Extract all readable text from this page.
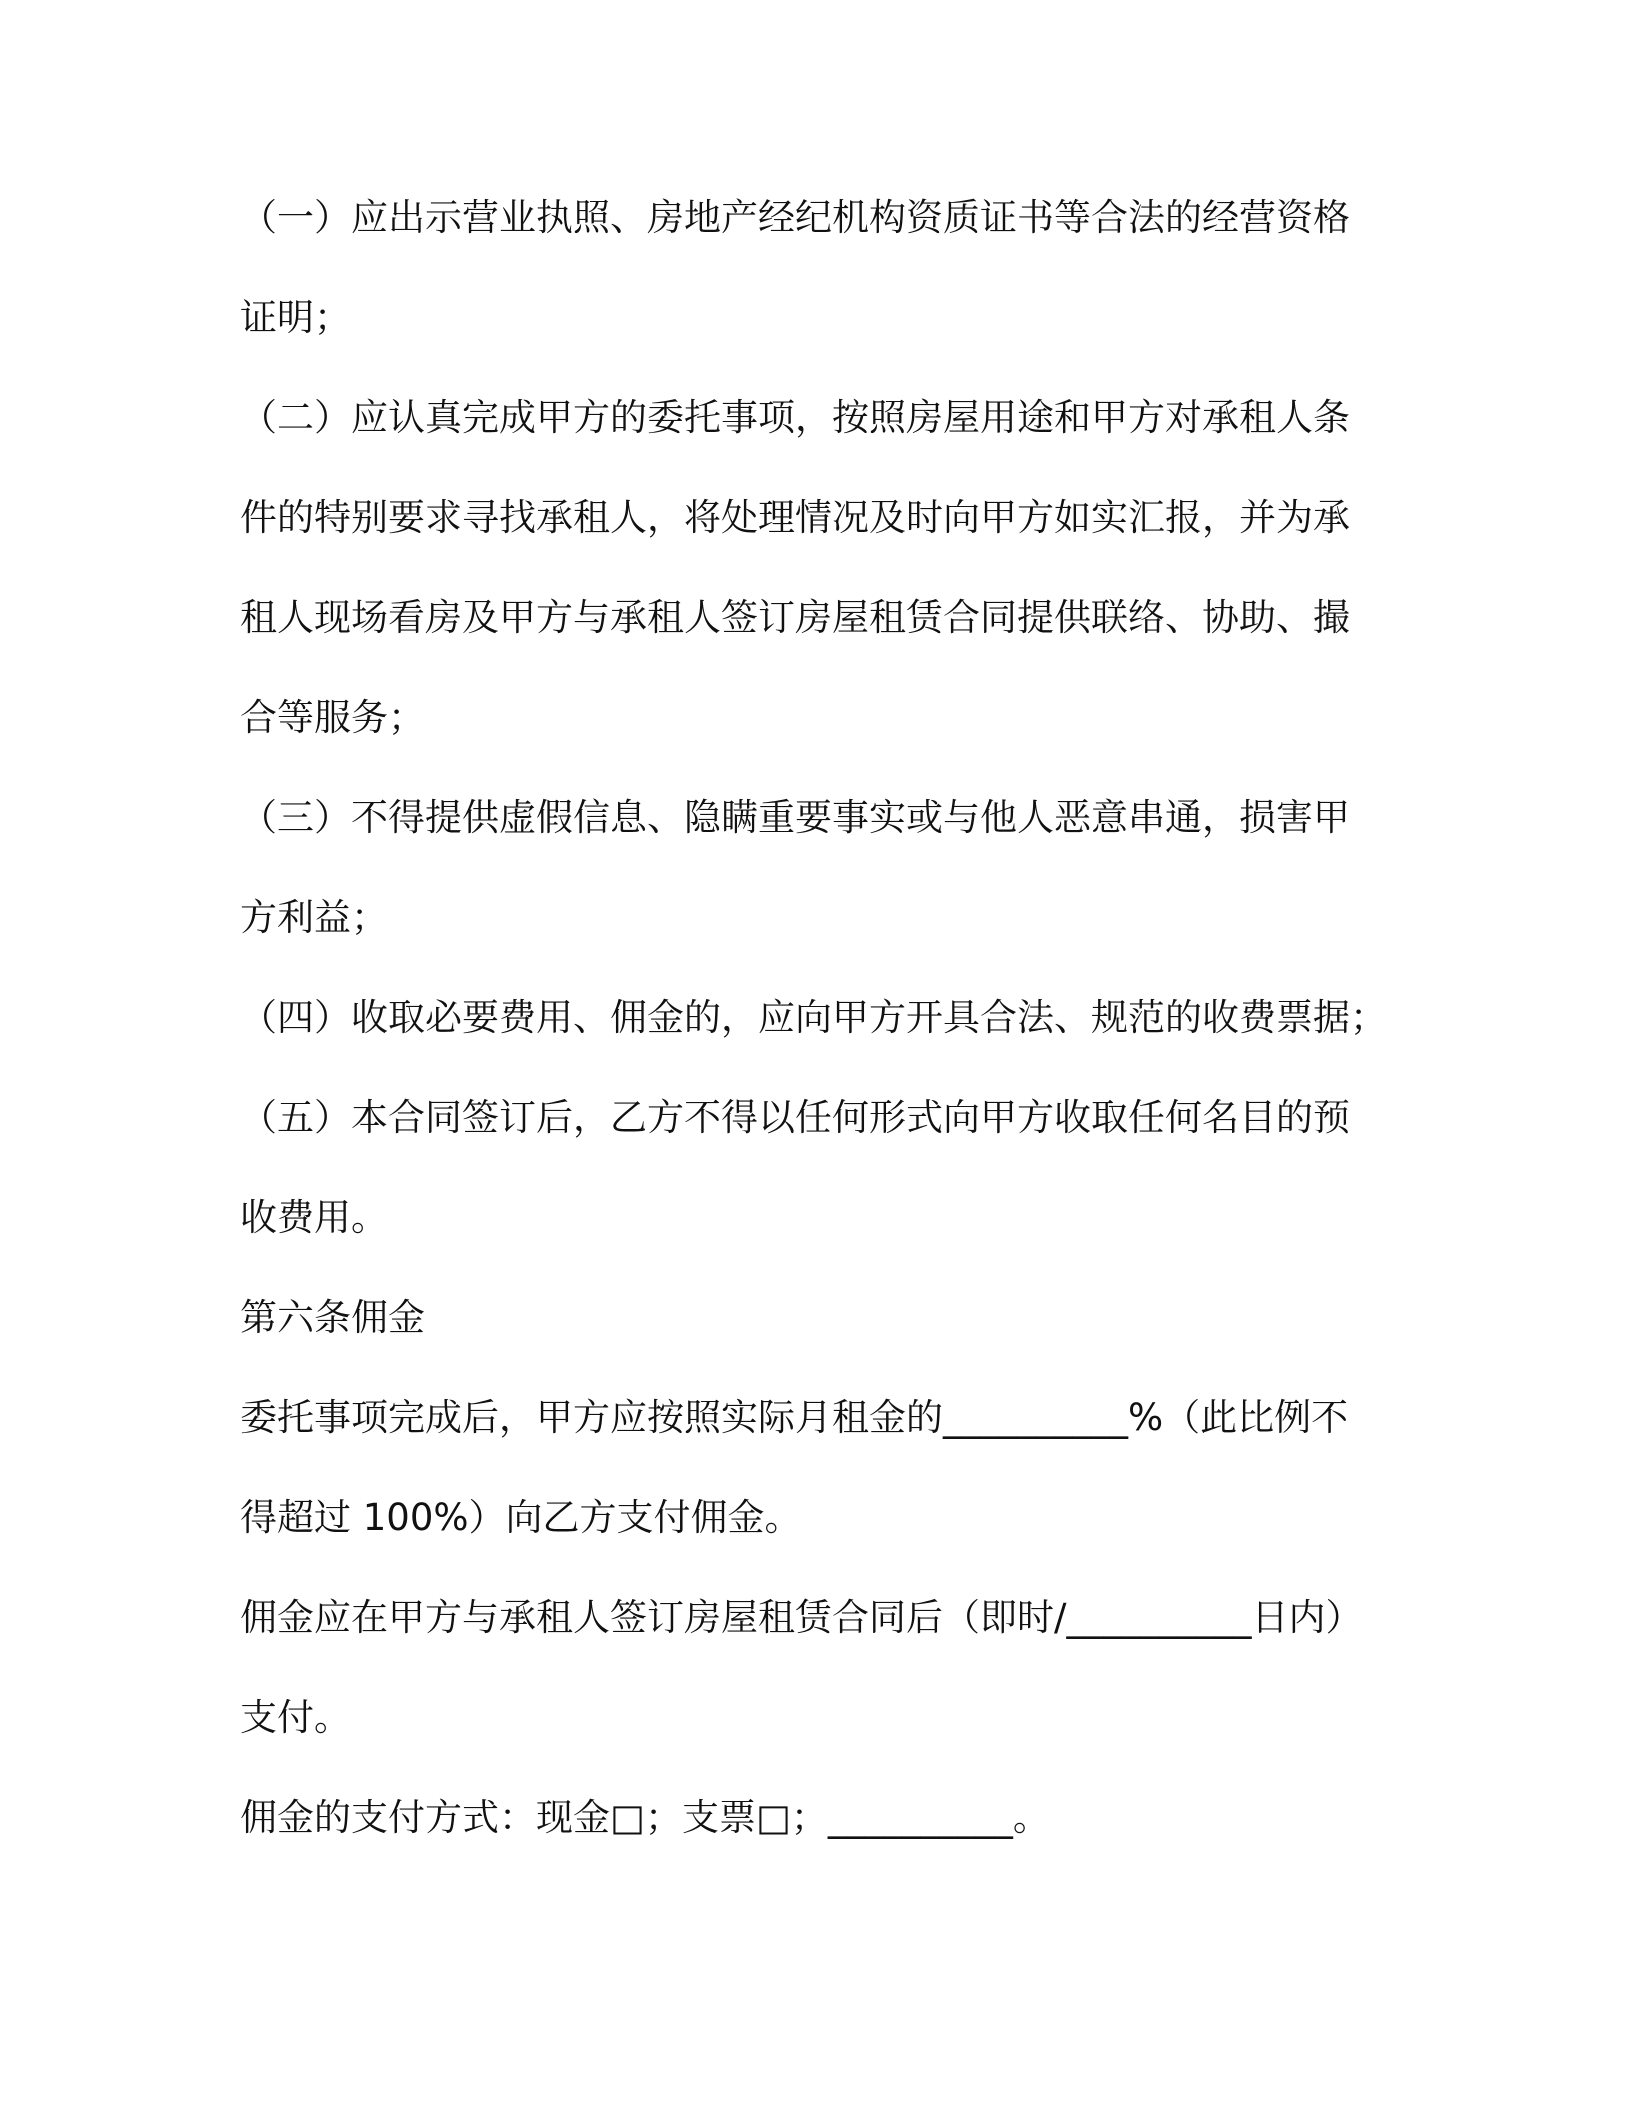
（一）应出示营业执照、房地产经纪机构资质证书等合法的经营资格
证明；
（二）应认真完成甲方的委托事项，按照房屋用途和甲方对承租人条
件的特别要求寻找承租人，将处理情况及时向甲方如实汇报，并为承
租人现场看房及甲方与承租人签订房屋租赁合同提供联络、协助、撮
合等服务；
（三）不得提供虚假信息、隐瞒重要事实或与他人恶意串通，损害甲
方利益；
（四）收取必要费用、佣金的，应向甲方开具合法、规范的收费票据；
（五）本合同签订后，乙方不得以任何形式向甲方收取任何名目的预
收费用。
第六条佣金
委托事项完成后，甲方应按照实际月租金的__________%（此比例不
得超过 100%）向乙方支付佣金。
佣金应在甲方与承租人签订房屋租赁合同后（即时/__________日内）
支付。
佣金的支付方式：现金□；支票□；__________。
